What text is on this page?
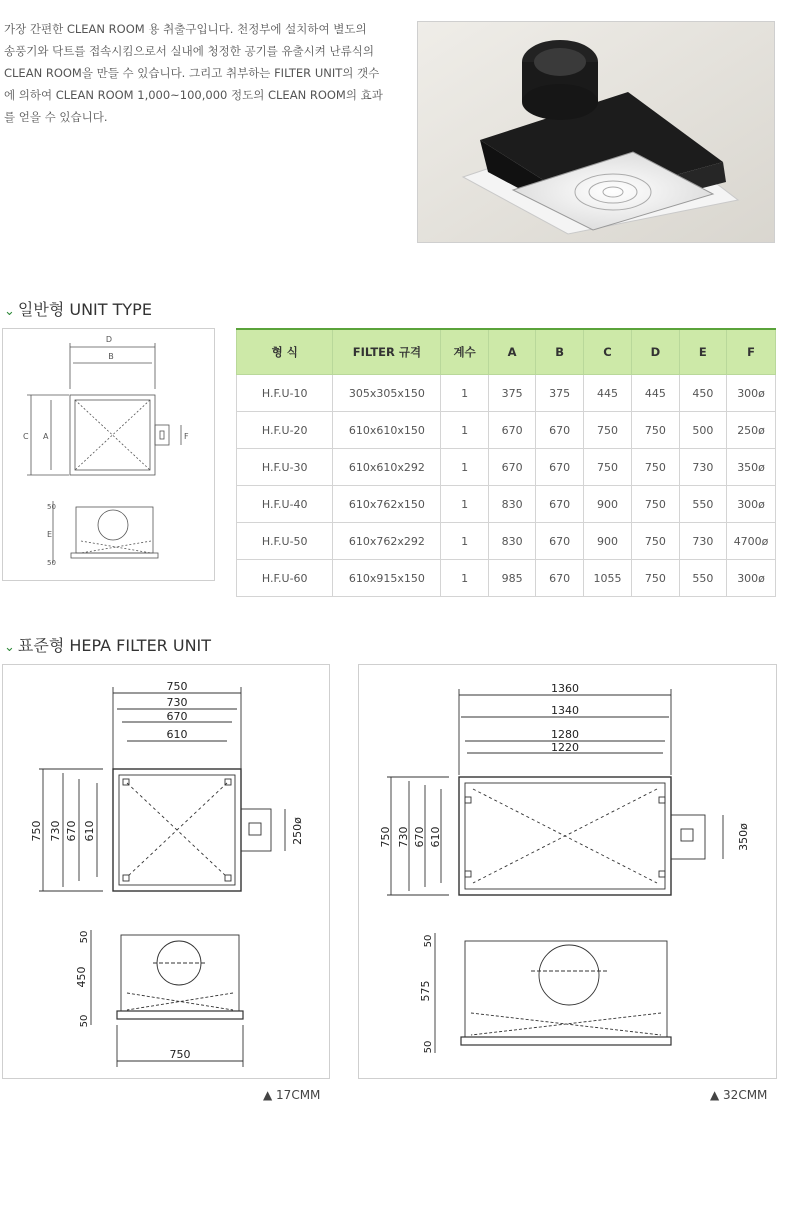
가장 간편한 CLEAN ROOM 용 취출구입니다. 천정부에 설치하여 별도의
송풍기와 닥트를 접속시킴으로서 실내에 청정한 공기를 유출시켜 난류식의
CLEAN ROOM을 만들 수 있습니다. 그리고 취부하는 FILTER UNIT의 갯수
에 의하여 CLEAN ROOM 1,000~100,000 정도의 CLEAN ROOM의 효과
를 얻을 수 있습니다.
⌄ 일반형 UNIT TYPE
D
B
C A	F
50
E
50
형 식	FILTER 규격	계수	A	B	C	D	E	F
H.F.U-10	305x305x150	1	375	375	445	445	450	300ø
H.F.U-20	610x610x150	1	670	670	750	750	500	250ø
H.F.U-30	610x610x292	1	670	670	750	750	730	350ø
H.F.U-40	610x762x150	1	830	670	900	750	550	300ø
H.F.U-50	610x762x292	1	830	670	900	750	730	4700ø
H.F.U-60	610x915x150	1	985	670	1055	750	550	300ø
⌄ 표준형 HEPA FILTER UNIT
750
730
670
610
750 730 670 610	250ø
50
450
50
750
1360
1340
1280
1220
750 730 670 610	350ø
50
575
50
▲ 17CMM	▲ 32CMM
